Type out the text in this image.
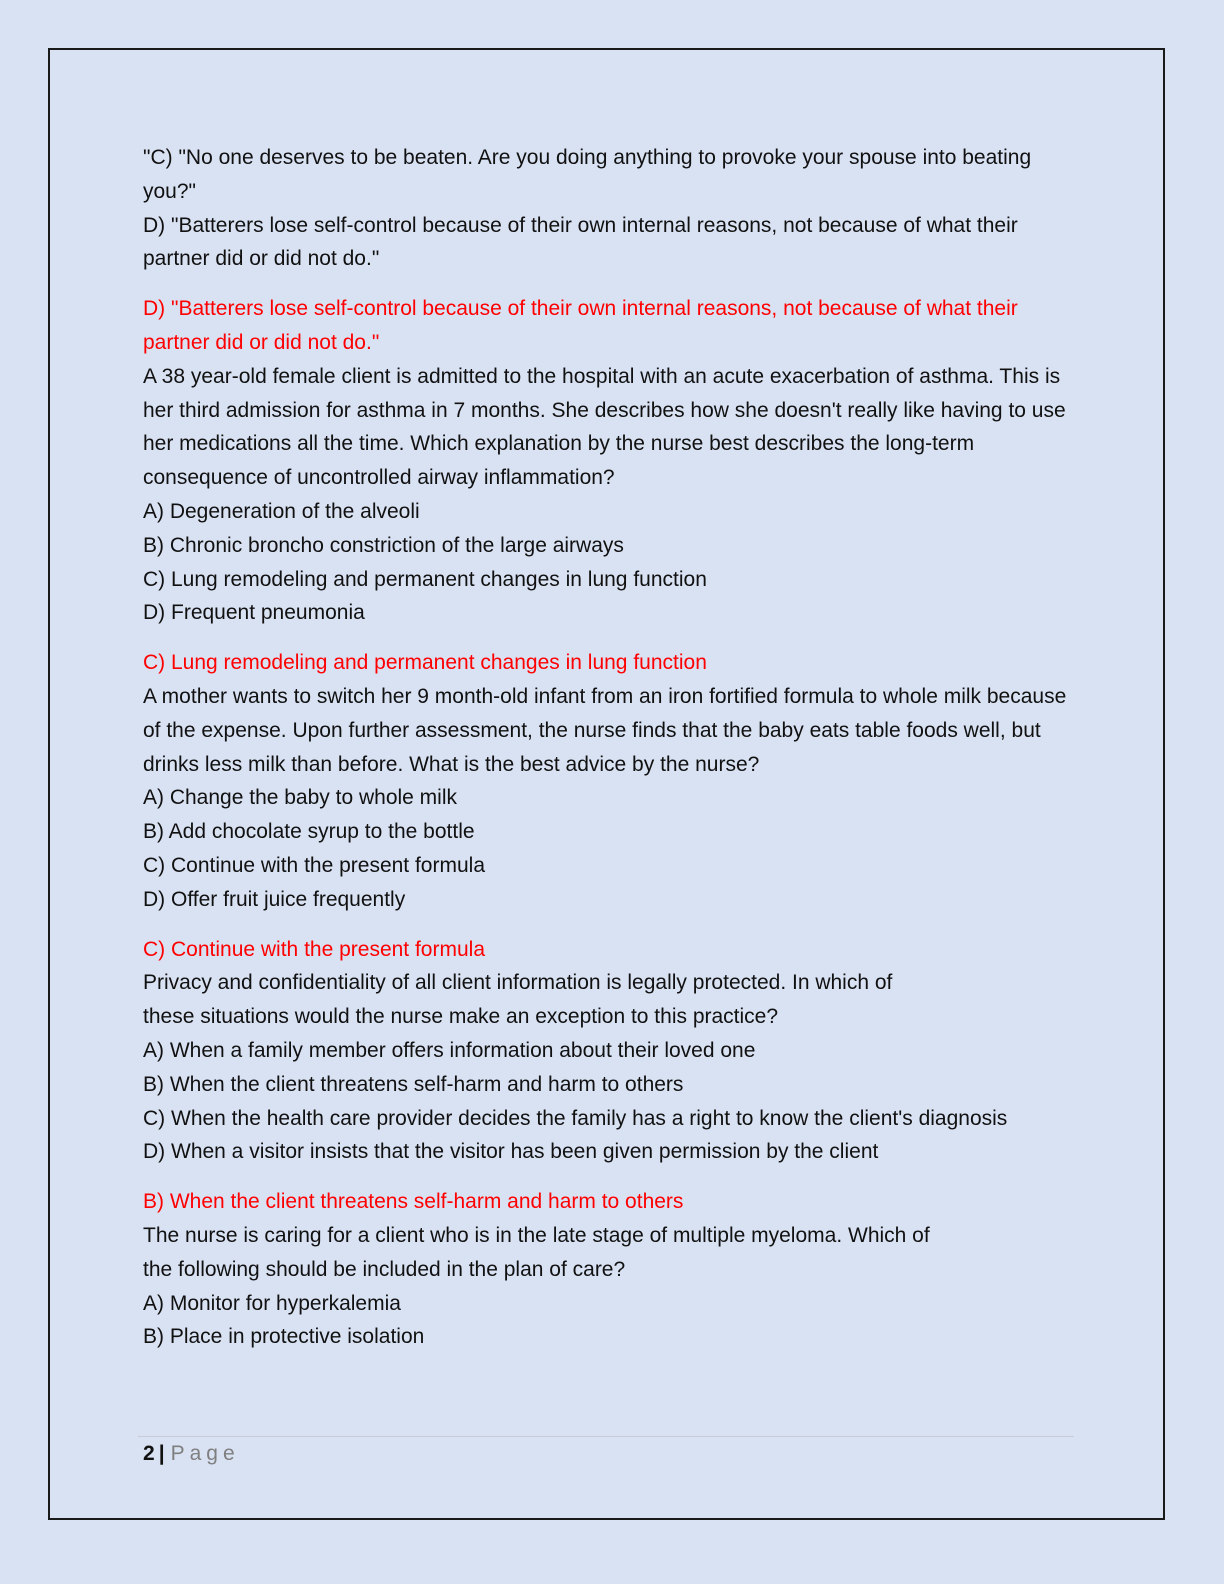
"C) "No one deserves to be beaten. Are you doing anything to provoke your spouse into beating you?"

D) "Batterers lose self-control because of their own internal reasons, not because of what their partner did or did not do."

D) "Batterers lose self-control because of their own internal reasons, not because of what their partner did or did not do."

A 38 year-old female client is admitted to the hospital with an acute exacerbation of asthma. This is her third admission for asthma in 7 months. She describes how she doesn't really like having to use her medications all the time. Which explanation by the nurse best describes the long-term consequence of uncontrolled airway inflammation?

A) Degeneration of the alveoli

B) Chronic broncho constriction of the large airways

C) Lung remodeling and permanent changes in lung function

D) Frequent pneumonia

C) Lung remodeling and permanent changes in lung function

A mother wants to switch her 9 month-old infant from an iron fortified formula to whole milk because of the expense. Upon further assessment, the nurse finds that the baby eats table foods well, but drinks less milk than before. What is the best advice by the nurse?

A) Change the baby to whole milk

B) Add chocolate syrup to the bottle

C) Continue with the present formula

D) Offer fruit juice frequently

C) Continue with the present formula

Privacy and confidentiality of all client information is legally protected. In which of

these situations would the nurse make an exception to this practice?

A) When a family member offers information about their loved one

B) When the client threatens self-harm and harm to others

C) When the health care provider decides the family has a right to know the client's diagnosis

D) When a visitor insists that the visitor has been given permission by the client

B) When the client threatens self-harm and harm to others

The nurse is caring for a client who is in the late stage of multiple myeloma. Which of

the following should be included in the plan of care?

A) Monitor for hyperkalemia

B) Place in protective isolation

2 | Page
